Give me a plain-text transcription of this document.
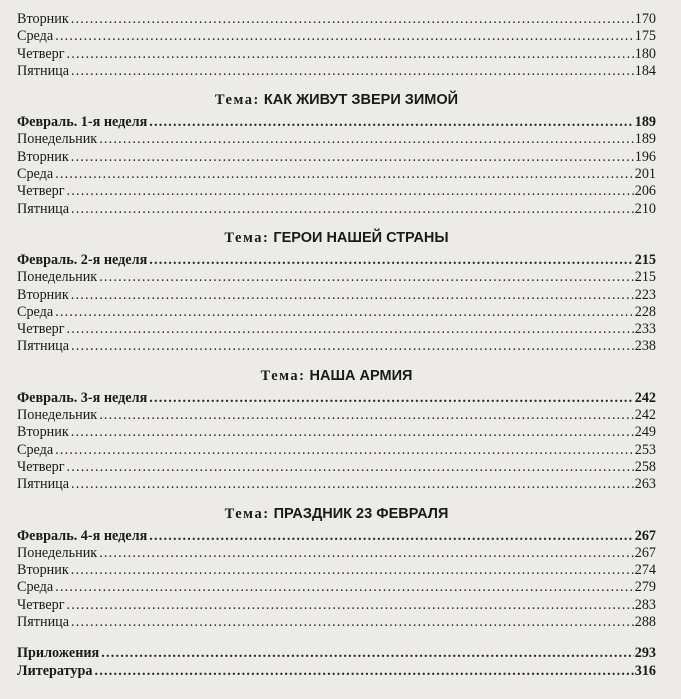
Вторник .....	170
Среда .....	175
Четверг .....	180
Пятница .....	184
Тема: КАК ЖИВУТ ЗВЕРИ ЗИМОЙ
Февраль. 1-я неделя .....	189
Понедельник .....	189
Вторник .....	196
Среда .....	201
Четверг .....	206
Пятница .....	210
Тема: ГЕРОИ НАШЕЙ СТРАНЫ
Февраль. 2-я неделя .....	215
Понедельник .....	215
Вторник .....	223
Среда .....	228
Четверг .....	233
Пятница .....	238
Тема: НАША АРМИЯ
Февраль. 3-я неделя .....	242
Понедельник .....	242
Вторник .....	249
Среда .....	253
Четверг .....	258
Пятница .....	263
Тема: ПРАЗДНИК 23 ФЕВРАЛЯ
Февраль. 4-я неделя .....	267
Понедельник .....	267
Вторник .....	274
Среда .....	279
Четверг .....	283
Пятница .....	288
Приложения .....	293
Литература .....	316
